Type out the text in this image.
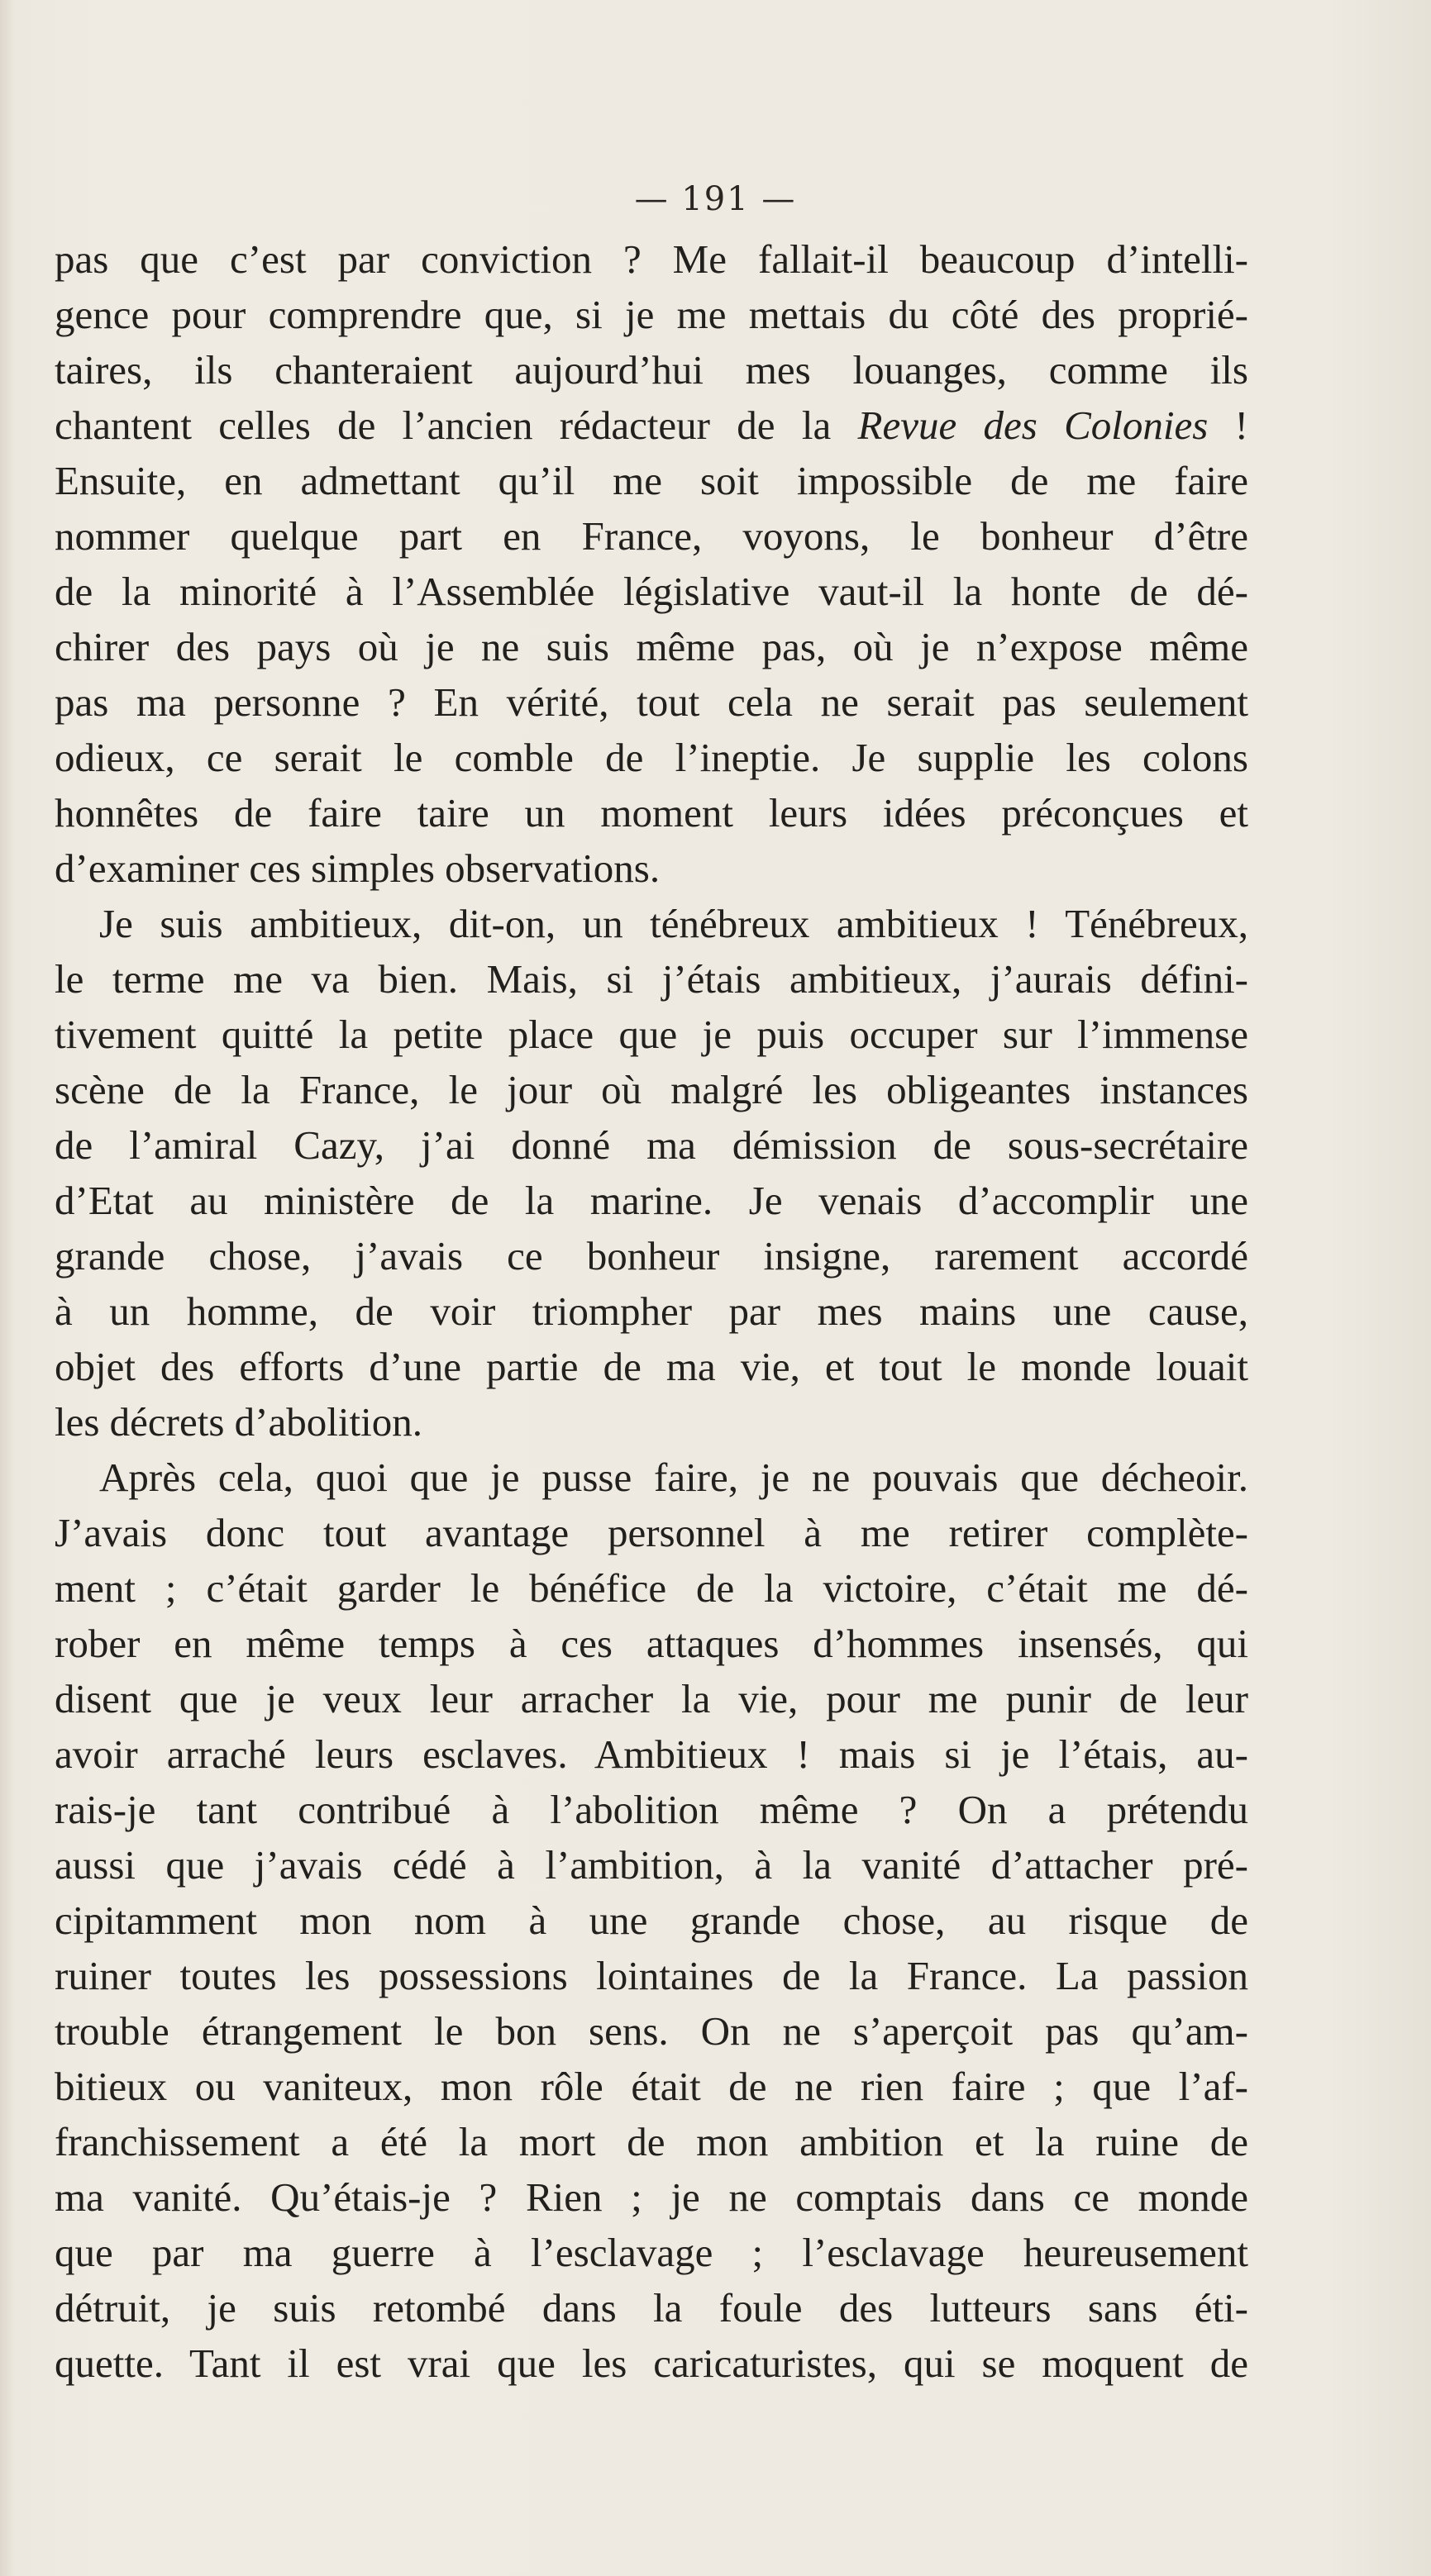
— 191 —
pas que c’est par conviction ? Me fallait-il beaucoup d’intelli-
gence pour comprendre que, si je me mettais du côté des proprié-
taires, ils chanteraient aujourd’hui mes louanges, comme ils
chantent celles de l’ancien rédacteur de la Revue des Colonies !
Ensuite, en admettant qu’il me soit impossible de me faire
nommer quelque part en France, voyons, le bonheur d’être
de la minorité à l’Assemblée législative vaut-il la honte de dé-
chirer des pays où je ne suis même pas, où je n’expose même
pas ma personne ? En vérité, tout cela ne serait pas seulement
odieux, ce serait le comble de l’ineptie. Je supplie les colons
honnêtes de faire taire un moment leurs idées préconçues et
d’examiner ces simples observations.
Je suis ambitieux, dit-on, un ténébreux ambitieux ! Ténébreux,
le terme me va bien. Mais, si j’étais ambitieux, j’aurais défini-
tivement quitté la petite place que je puis occuper sur l’immense
scène de la France, le jour où malgré les obligeantes instances
de l’amiral Cazy, j’ai donné ma démission de sous-secrétaire
d’Etat au ministère de la marine. Je venais d’accomplir une
grande chose, j’avais ce bonheur insigne, rarement accordé
à un homme, de voir triompher par mes mains une cause,
objet des efforts d’une partie de ma vie, et tout le monde louait
les décrets d’abolition.
Après cela, quoi que je pusse faire, je ne pouvais que décheoir.
J’avais donc tout avantage personnel à me retirer complète-
ment ; c’était garder le bénéfice de la victoire, c’était me dé-
rober en même temps à ces attaques d’hommes insensés, qui
disent que je veux leur arracher la vie, pour me punir de leur
avoir arraché leurs esclaves. Ambitieux ! mais si je l’étais, au-
rais-je tant contribué à l’abolition même ? On a prétendu
aussi que j’avais cédé à l’ambition, à la vanité d’attacher pré-
cipitamment mon nom à une grande chose, au risque de
ruiner toutes les possessions lointaines de la France. La passion
trouble étrangement le bon sens. On ne s’aperçoit pas qu’am-
bitieux ou vaniteux, mon rôle était de ne rien faire ; que l’af-
franchissement a été la mort de mon ambition et la ruine de
ma vanité. Qu’étais-je ? Rien ; je ne comptais dans ce monde
que par ma guerre à l’esclavage ; l’esclavage heureusement
détruit, je suis retombé dans la foule des lutteurs sans éti-
quette. Tant il est vrai que les caricaturistes, qui se moquent de
